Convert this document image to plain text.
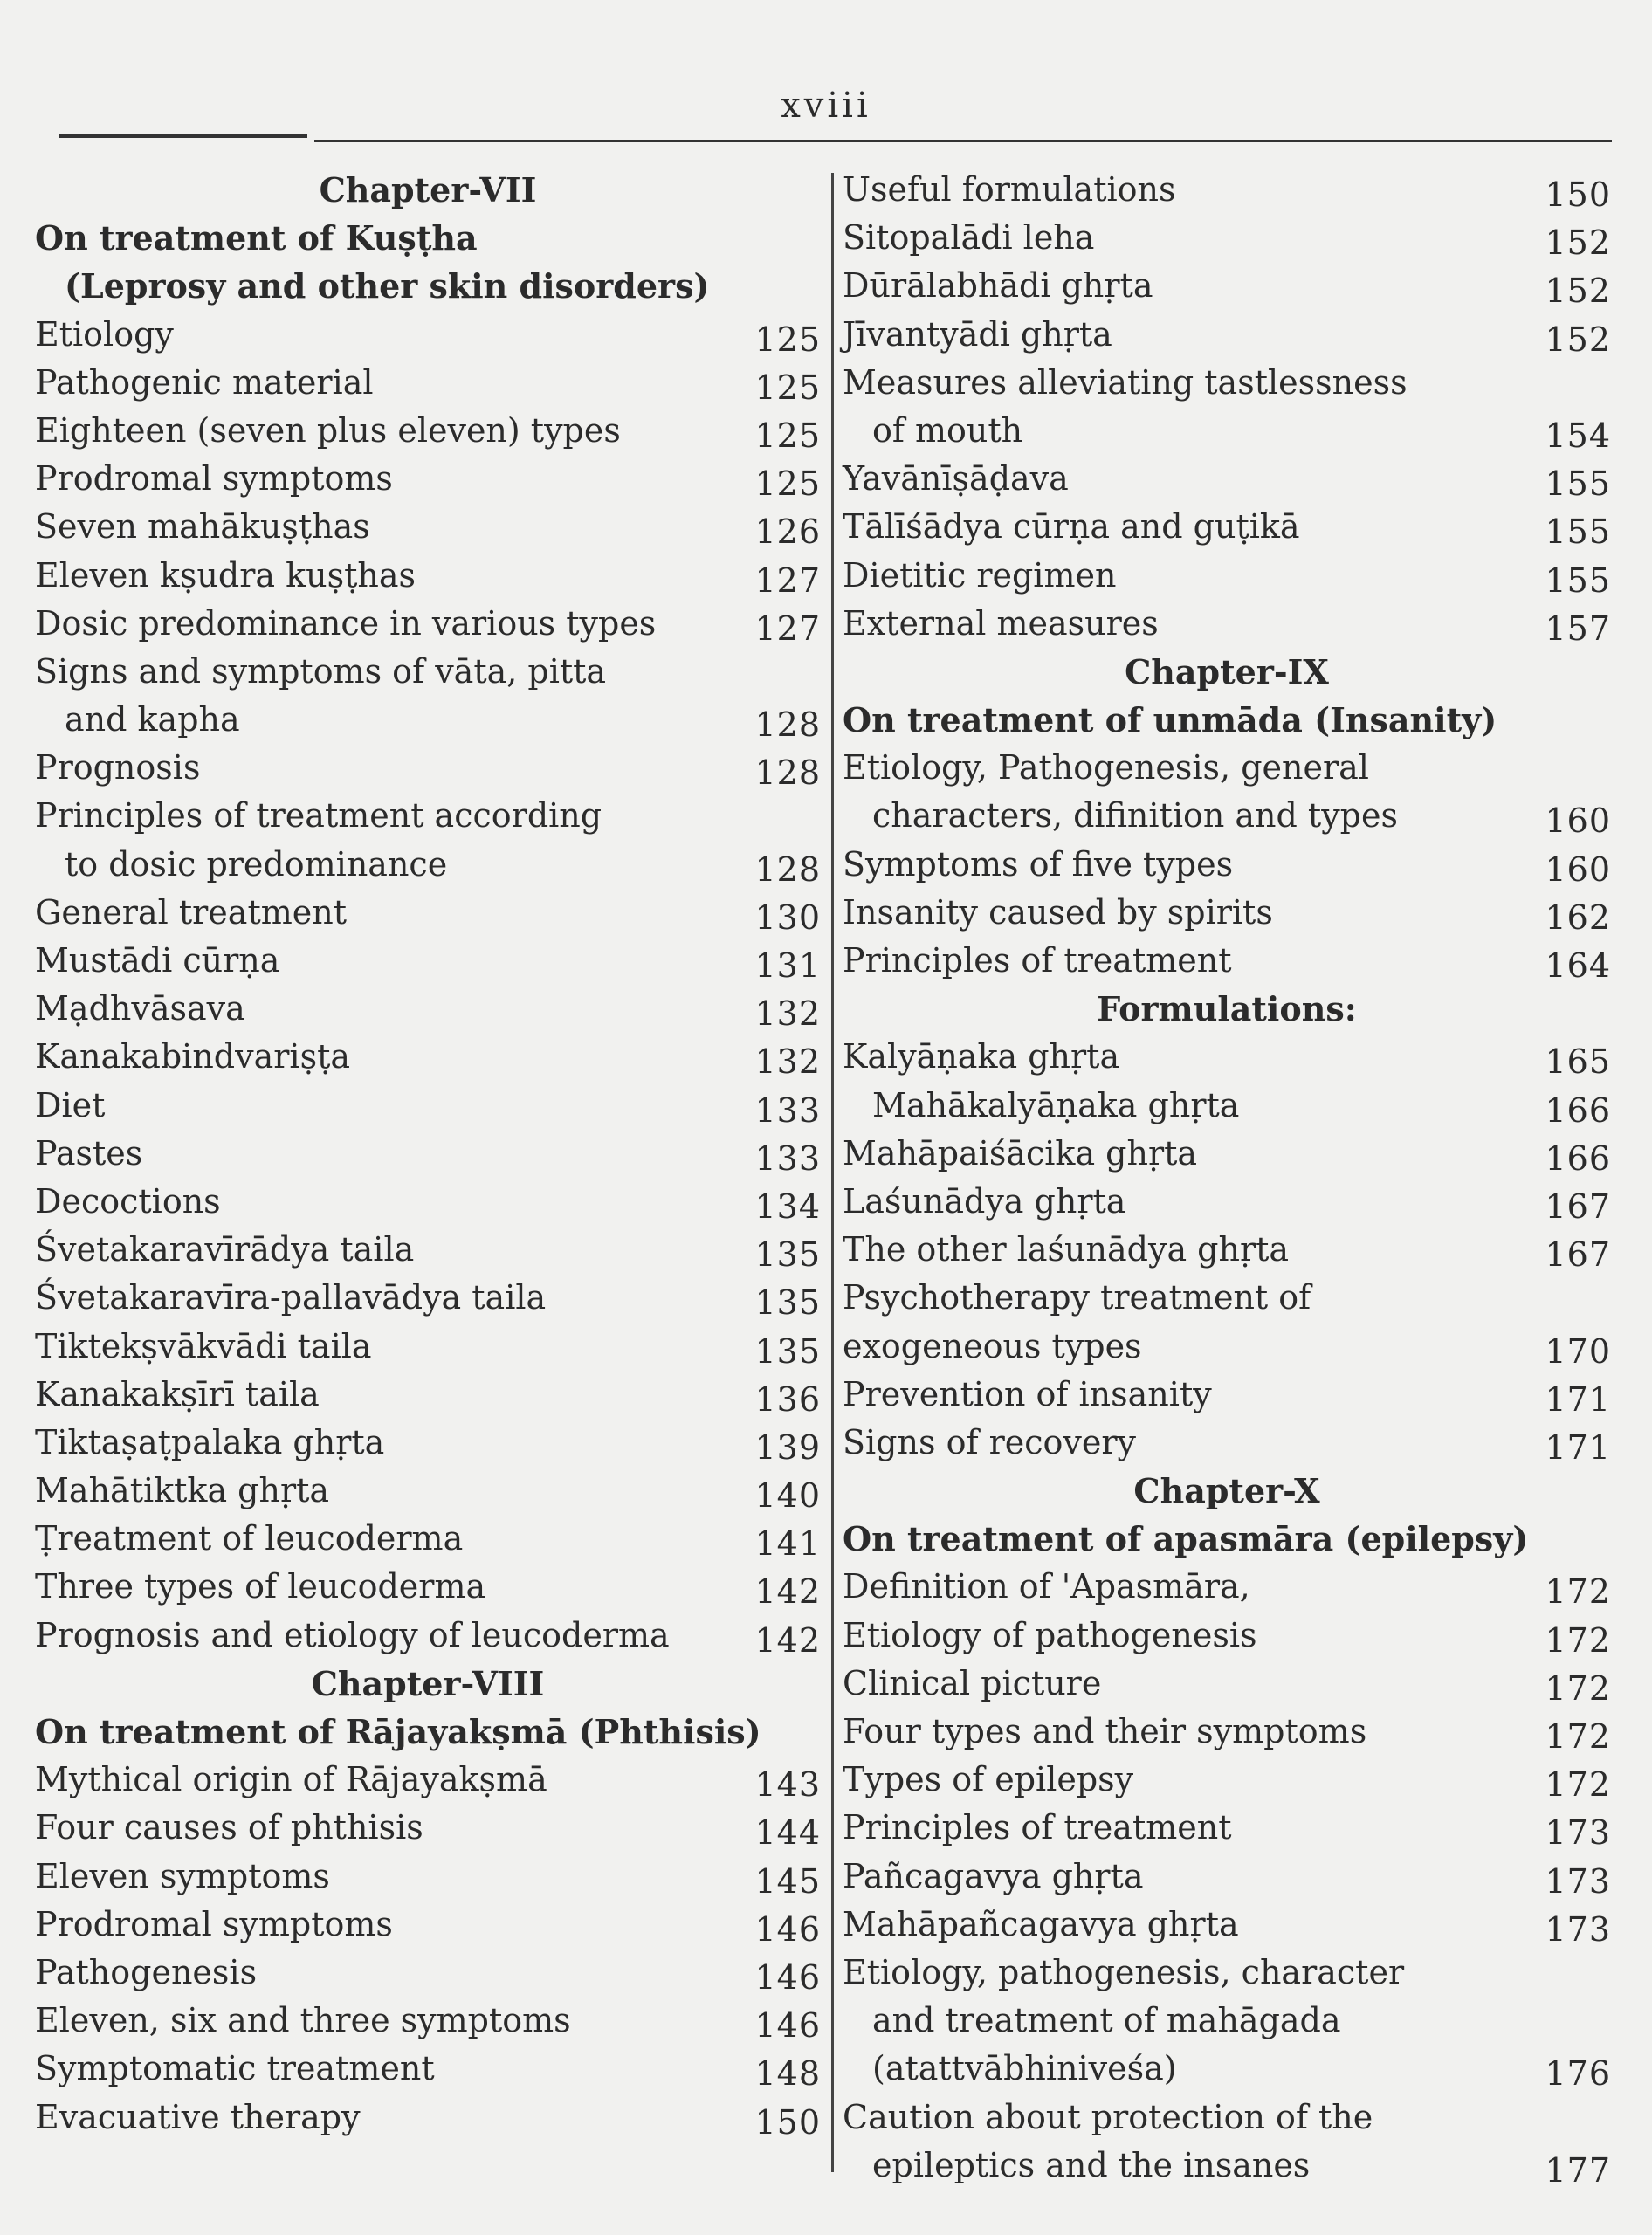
xviii
Chapter-VII
On treatment of Kuṣṭha
(Leprosy and other skin disorders)
Etiology	125
Pathogenic material	125
Eighteen (seven plus eleven) types	125
Prodromal symptoms	125
Seven mahākuṣṭhas	126
Eleven kṣudra kuṣṭhas	127
Dosic predominance in various types	127
Signs and symptoms of vāta, pitta
and kapha	128
Prognosis	128
Principles of treatment according
to dosic predominance	128
General treatment	130
Mustādi cūrṇa	131
Mạdhvāsava	132
Kanakabindvariṣṭa	132
Diet	133
Pastes	133
Decoctions	134
Śvetakaravīrādya taila	135
Śvetakaravīra-pallavādya taila	135
Tiktekṣvākvādi taila	135
Kanakakṣīrī taila	136
Tiktaṣaṭpalaka ghṛta	139
Mahātiktka ghṛta	140
Ṭreatment of leucoderma	141
Three types of leucoderma	142
Prognosis and etiology of leucoderma	142
Chapter-VIII
On treatment of Rājayakṣmā (Phthisis)
Mythical origin of Rājayakṣmā	143
Four causes of phthisis	144
Eleven symptoms	145
Prodromal symptoms	146
Pathogenesis	146
Eleven, six and three symptoms	146
Symptomatic treatment	148
Evacuative therapy	150
Useful formulations	150
Sitopalādi leha	152
Dūrālabhādi ghṛta	152
Jīvantyādi ghṛta	152
Measures alleviating tastlessness
of mouth	154
Yavānīṣāḍava	155
Tālīśādya cūrṇa and guṭikā	155
Dietitic regimen	155
External measures	157
Chapter-IX
On treatment of unmāda (Insanity)
Etiology, Pathogenesis, general
characters, difinition and types	160
Symptoms of five types	160
Insanity caused by spirits	162
Principles of treatment	164
Formulations:
Kalyāṇaka ghṛta	165
Mahākalyāṇaka ghṛta	166
Mahāpaiśācika ghṛta	166
Laśunādya ghṛta	167
The other laśunādya ghṛta	167
Psychotherapy treatment of
exogeneous types	170
Prevention of insanity	171
Signs of recovery	171
Chapter-X
On treatment of apasmāra (epilepsy)
Definition of 'Apasmāra,	172
Etiology of pathogenesis	172
Clinical picture	172
Four types and their symptoms	172
Types of epilepsy	172
Principles of treatment	173
Pañcagavya ghṛta	173
Mahāpañcagavya ghṛta	173
Etiology, pathogenesis, character
and treatment of mahāgada
(atattvābhiniveśa)	176
Caution about protection of the
epileptics and the insanes	177
